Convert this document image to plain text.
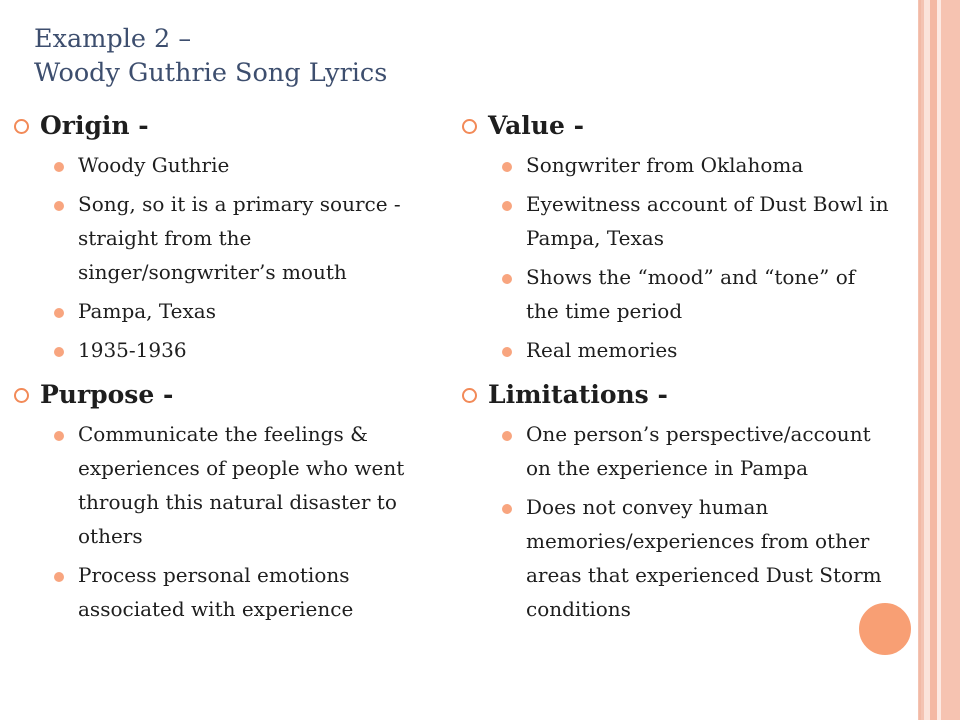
Example 2 –
Woody Guthrie Song Lyrics
Origin -
Woody Guthrie
Song, so it is a primary source - straight from the singer/songwriter’s mouth
Pampa, Texas
1935-1936
Purpose -
Communicate the feelings & experiences of people who went through this natural disaster to others
Process personal emotions associated with experience
Value -
Songwriter from Oklahoma
Eyewitness account of Dust Bowl in Pampa, Texas
Shows the “mood” and “tone” of the time period
Real memories
Limitations -
One person’s perspective/account on the experience in Pampa
Does not convey human memories/experiences from other areas that experienced Dust Storm conditions
